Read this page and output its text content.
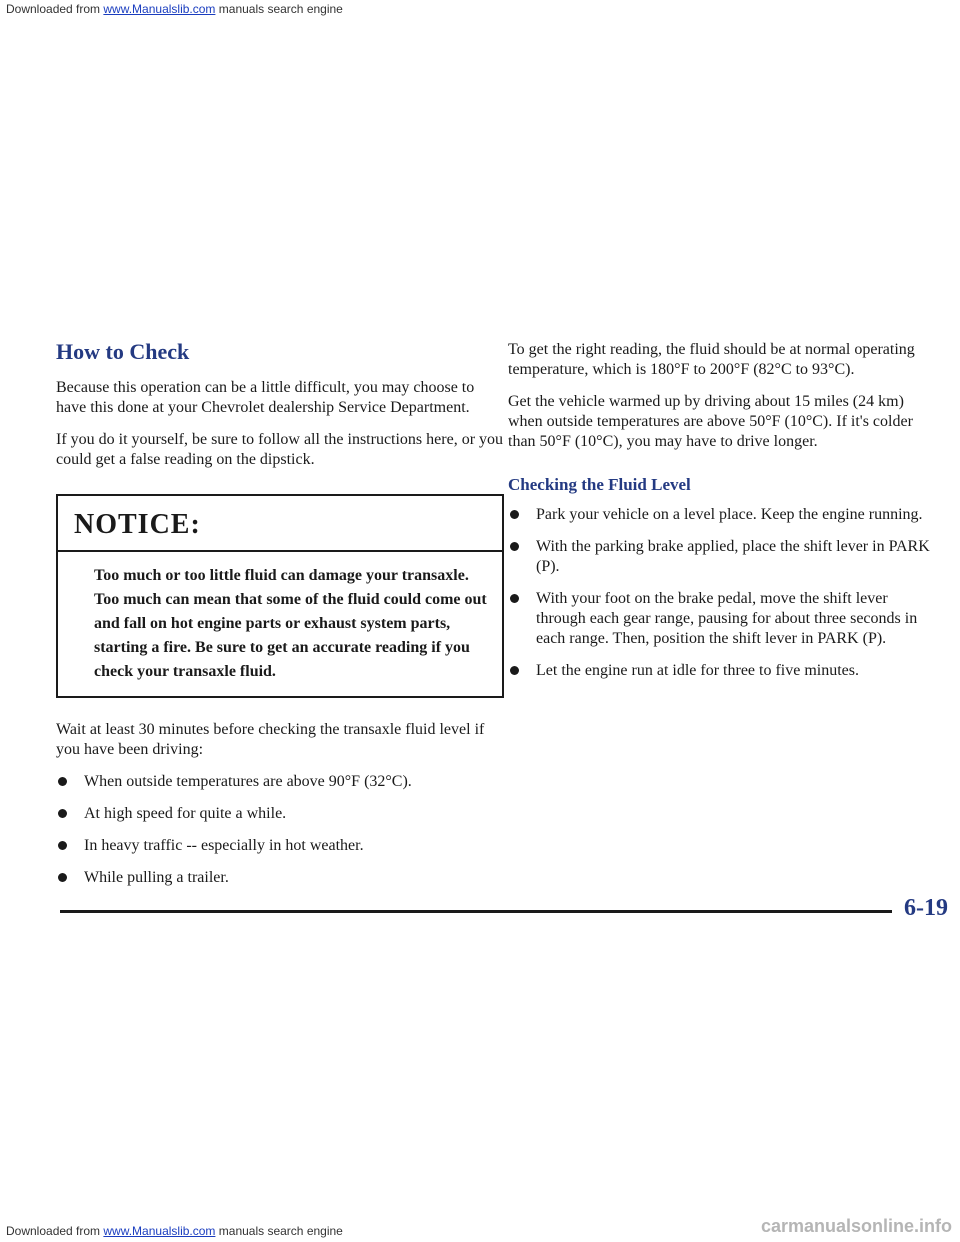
Downloaded from www.Manualslib.com manuals search engine
How to Check

Because this operation can be a little difficult, you may choose to have this done at your Chevrolet dealership Service Department.

If you do it yourself, be sure to follow all the instructions here, or you could get a false reading on the dipstick.

NOTICE:
Too much or too little fluid can damage your transaxle. Too much can mean that some of the fluid could come out and fall on hot engine parts or exhaust system parts, starting a fire. Be sure to get an accurate reading if you check your transaxle fluid.

Wait at least 30 minutes before checking the transaxle fluid level if you have been driving:

When outside temperatures are above 90°F (32°C).
At high speed for quite a while.
In heavy traffic -- especially in hot weather.
While pulling a trailer.

To get the right reading, the fluid should be at normal operating temperature, which is 180°F to 200°F (82°C to 93°C).

Get the vehicle warmed up by driving about 15 miles (24 km) when outside temperatures are above 50°F (10°C). If it's colder than 50°F (10°C), you may have to drive longer.

Checking the Fluid Level
Park your vehicle on a level place. Keep the engine running.
With the parking brake applied, place the shift lever in PARK (P).
With your foot on the brake pedal, move the shift lever through each gear range, pausing for about three seconds in each range. Then, position the shift lever in PARK (P).
Let the engine run at idle for three to five minutes.
6-19
Downloaded from www.Manualslib.com manuals search engine	carmanualsonline.info
